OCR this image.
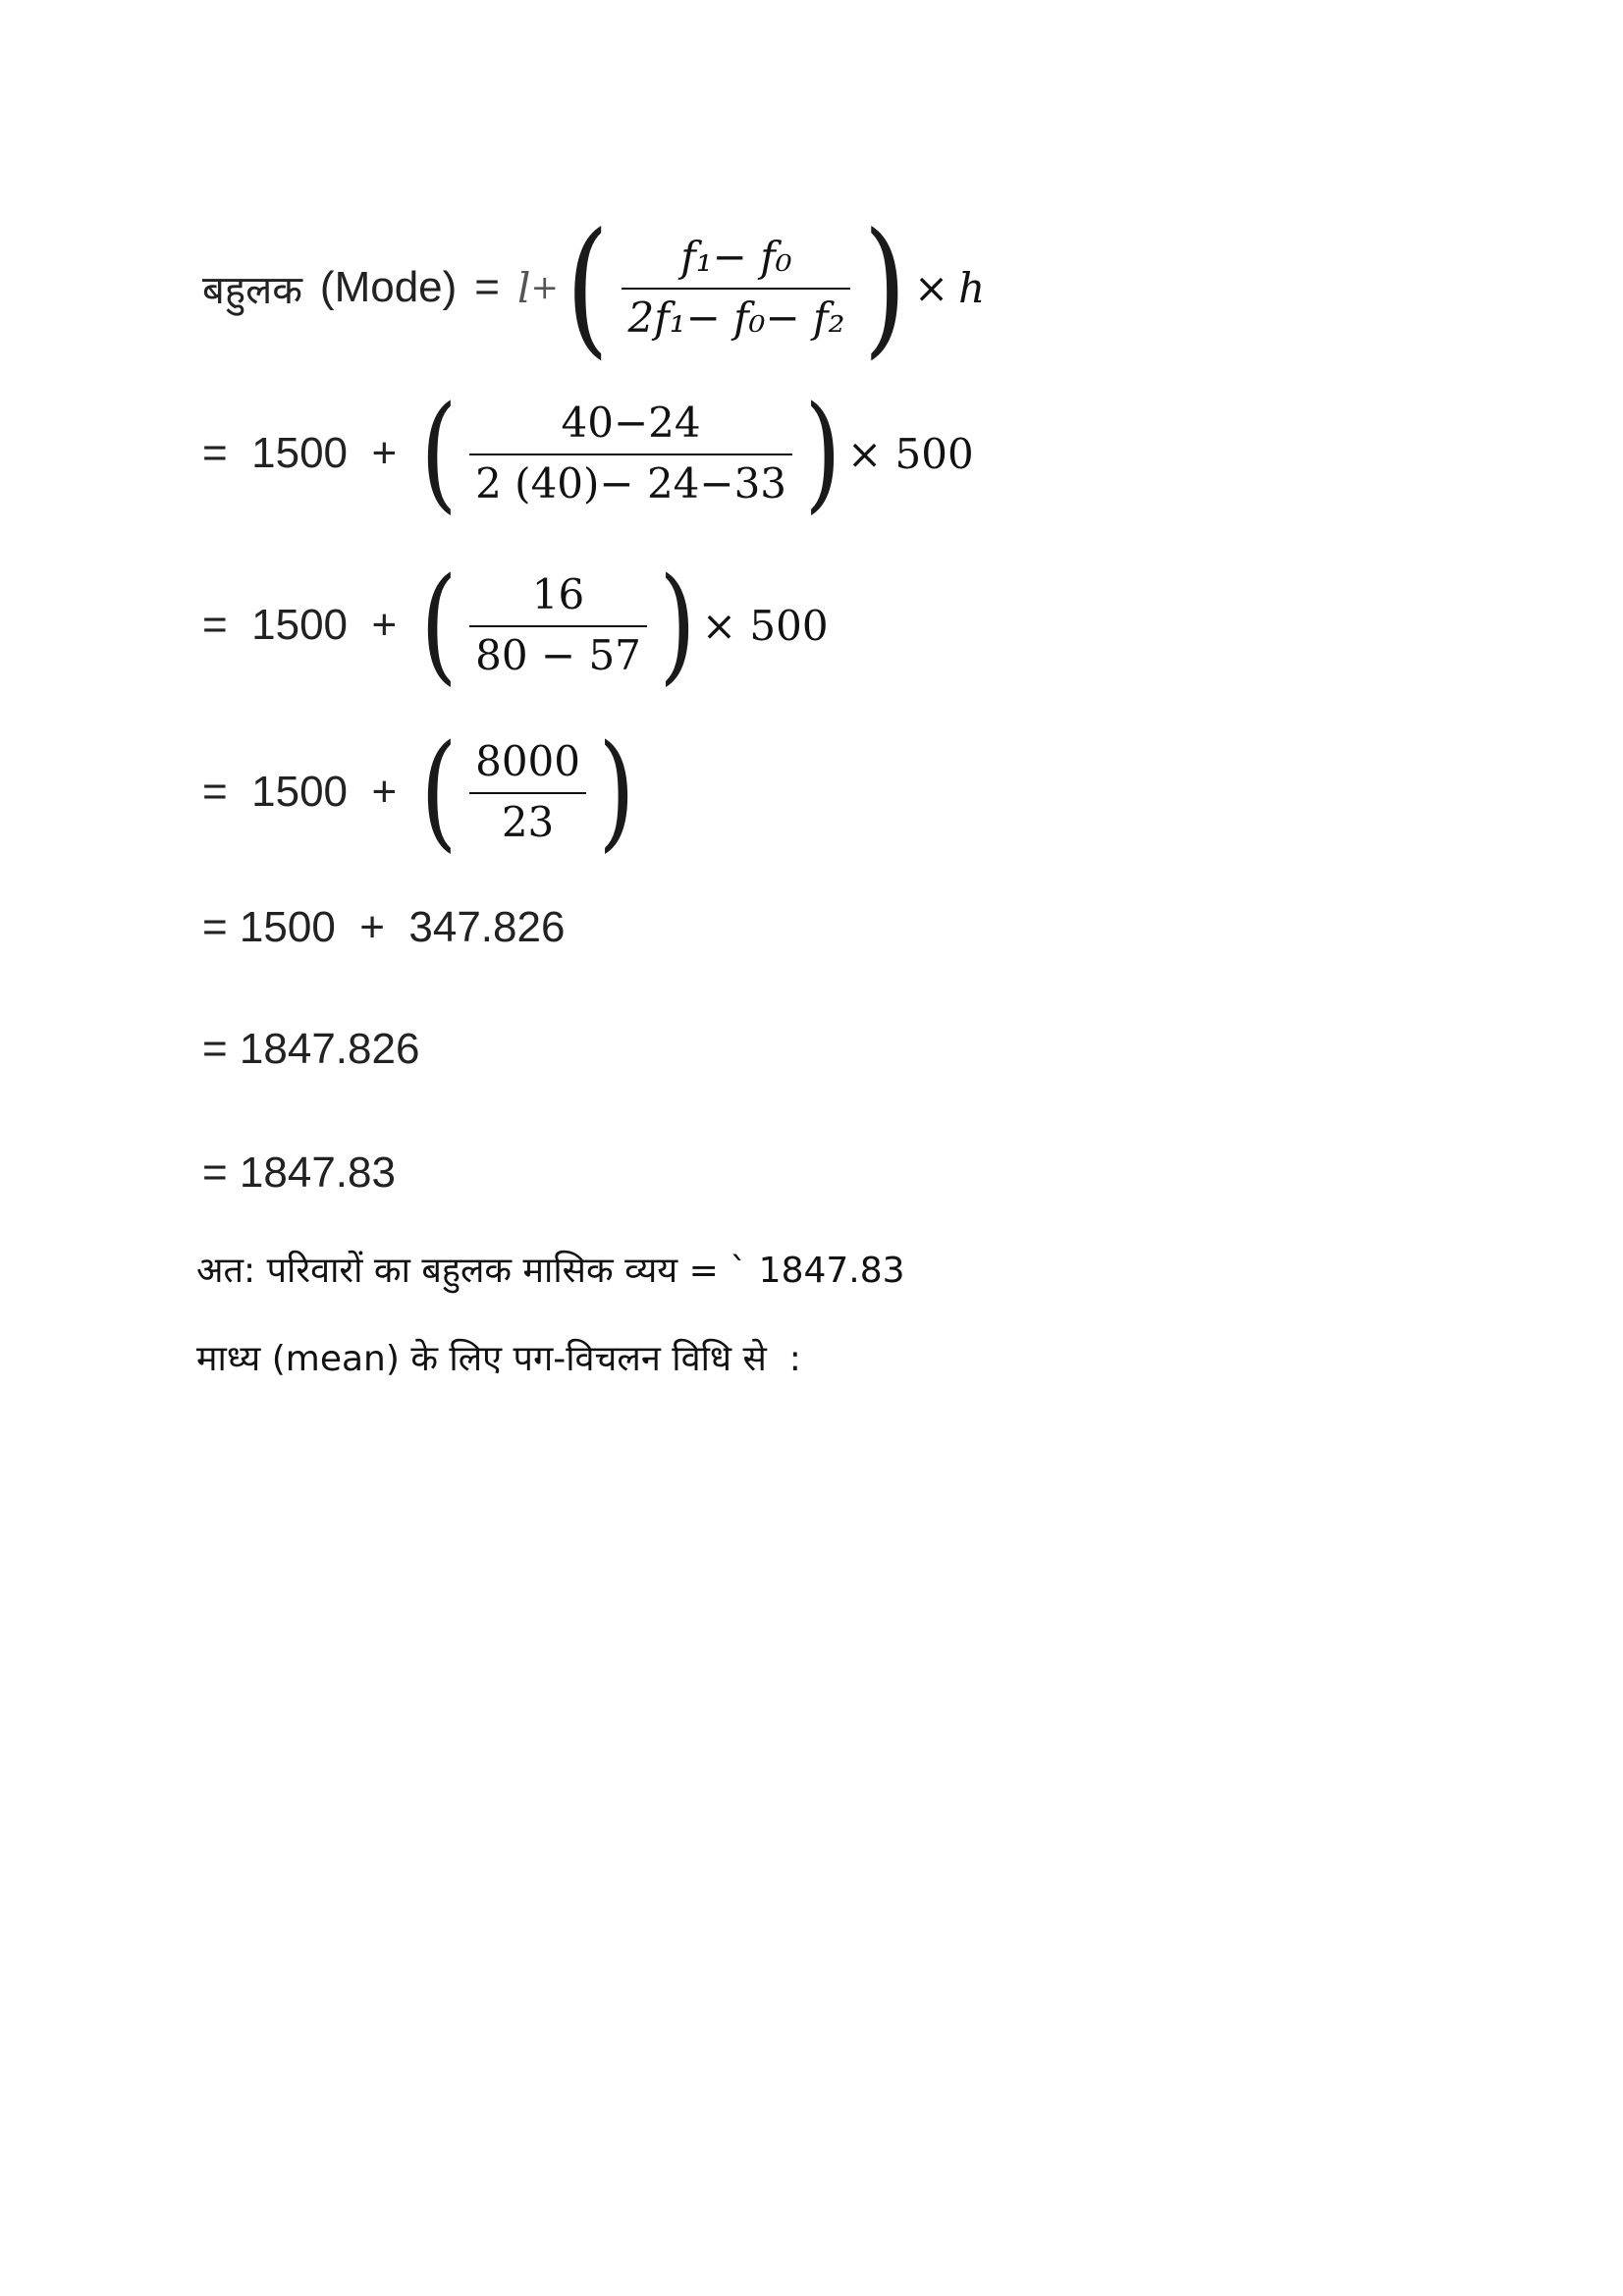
बहुलक (Mode) = l + ( $\frac{\text{f₁− f₀}}{\text{2f₁− f₀− f₂}}$ ) × h
=  1500  + ( $\frac{40-24}{2 (40)- 24-33}$ ) × 500
=  1500  + ( $\frac{16}{80 - 57}$ ) × 500
=  1500  + ( $\frac{8000}{23}$ )
= 1500  +  347.826
= 1847.826
= 1847.83
अत: परिवारों का बहुलक मासिक व्यय = ` 1847.83
माध्य (mean) के लिए पग-विचलन विधि से  :
